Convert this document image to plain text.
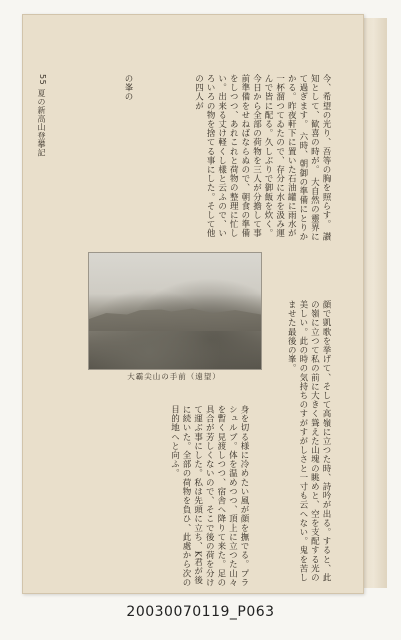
55
夏の新高山登攀記	今、希望の光り、吾等の胸を照らす。 讃知として、歓喜の時が。 大自然の靈界にて過ぎます。 六時、朝御の準備にとりかかる。昨夜軒下に置いた石油罐に雨水が一杯溜つてゐたので、存分に水を汲み運んで皆に配る。久しぶりで御飯を炊く。今日から全部の荷物を三人が分擔して事前準備をせねばならぬので、朝食の準備をしつつ、あれこれと荷物の整理に忙しい。出来る丈け軽くし樣と云ふので、いろいろの物を捨てる事にした。そして他の四人が
の峯の
大霸尖山の手前（遠望）	顔で凱歌を挙げて、そして高嶺に立つた時、詩吟が出る。すると、此の嶺に立つて私の前に大きく聳えた山塊の眺めと、空を支配する光の美しい。此の時の気持ちのすがすがしさと一寸も云へない。鬼を苦しませた最後の峯。
身を切る様に冷めたい風が顔を撫でる。プラシュルブ。体を温めつつ、頂上に立つた山々を暫く見渡しつつ、宿舎へ降りて来た。足の具合が芳しくないので、そこで後の荷を分けて運ぶ事にした。私は先頭に立ち、K君が後に続いた。全部の荷物を負ひ、此處から次の目的地へと向ふ。
20030070119_P063
